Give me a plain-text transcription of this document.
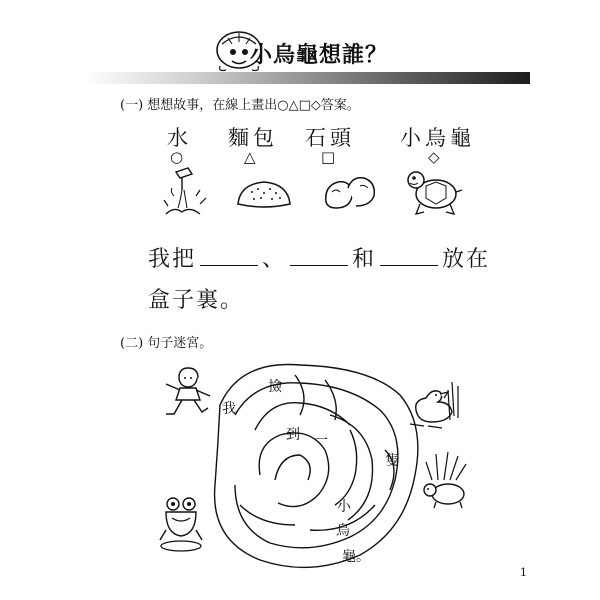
小烏龜想誰？
(一) 想想故事，在線上畫出○△□◇答案。
水 麵包 石頭 小烏龜
○	△	□	◇
我把	、	和	放在
盒子裏。
(二) 句子迷宮。
我
撿
到 一
隻
小
烏
龜。
1
